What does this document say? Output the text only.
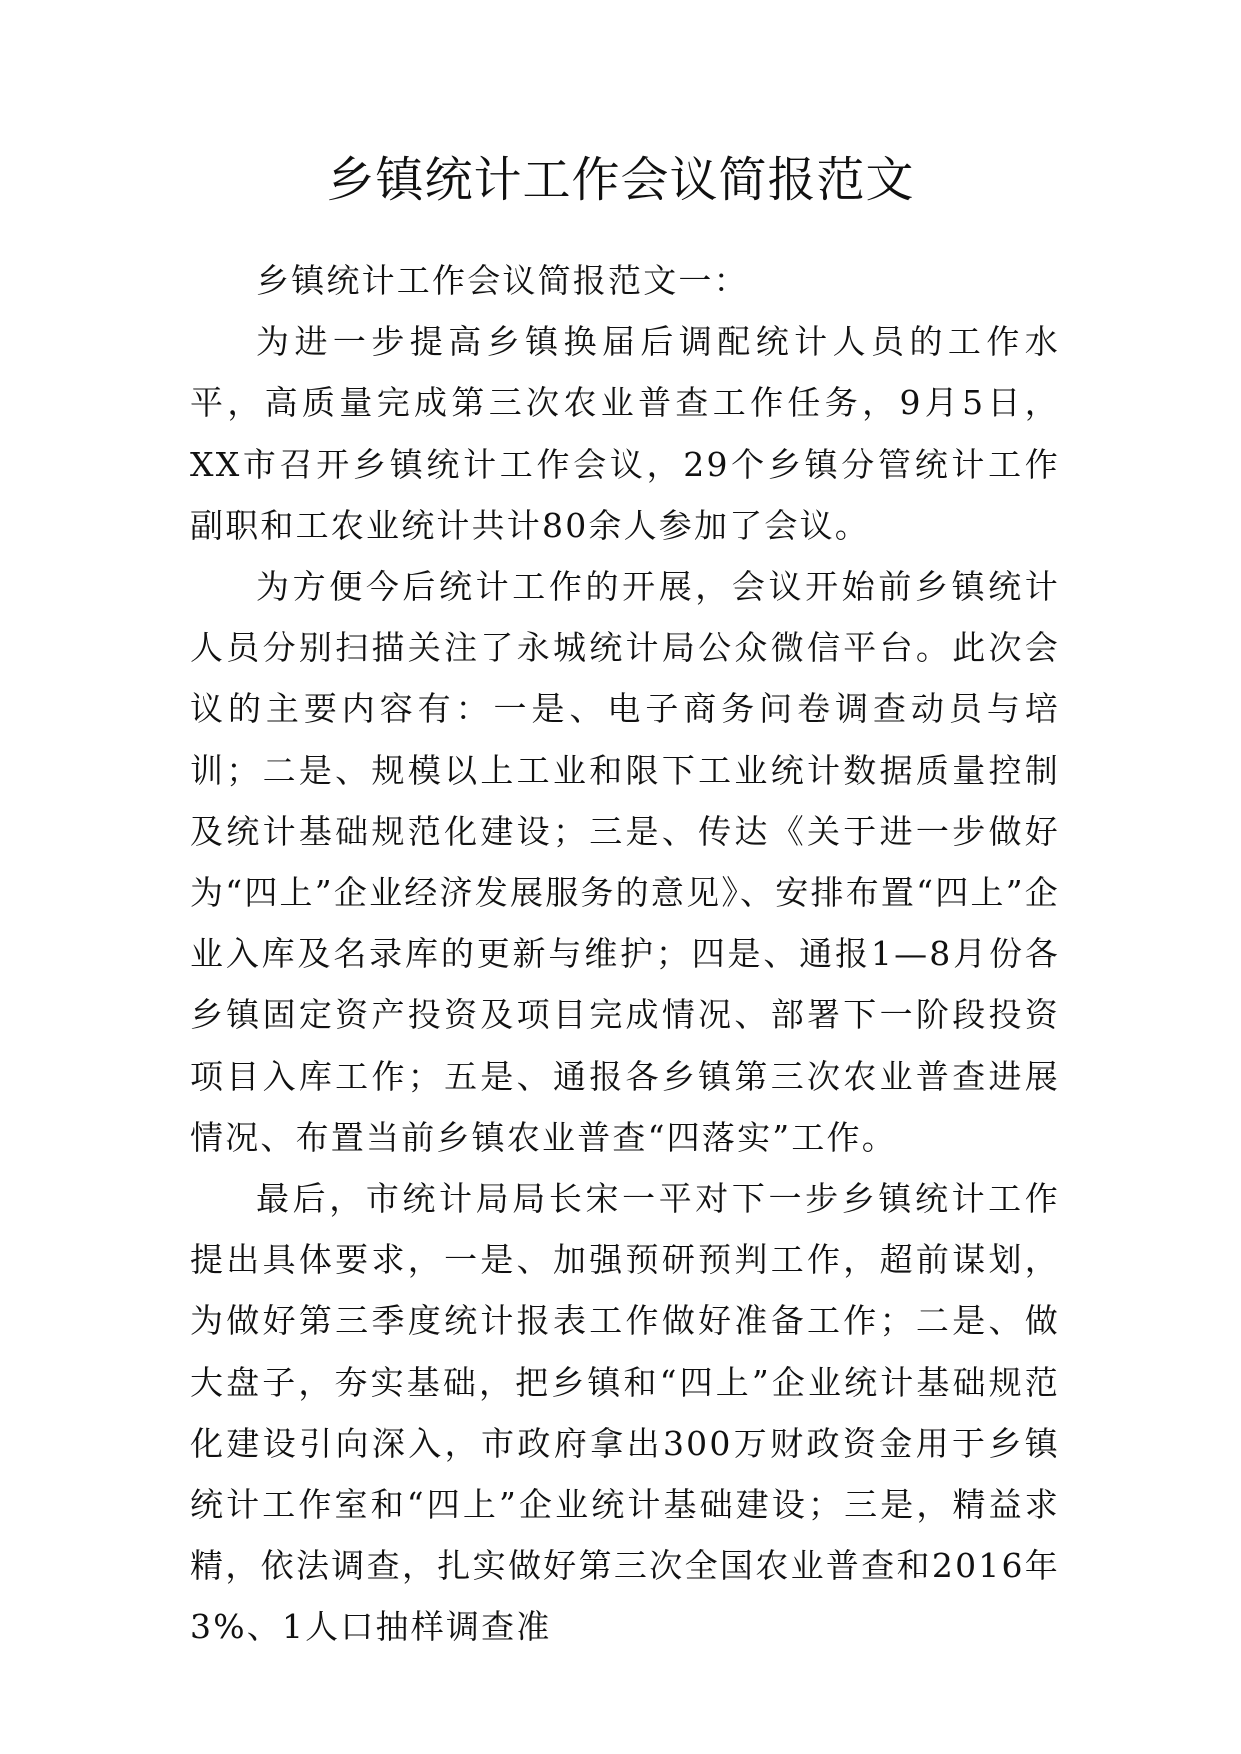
乡镇统计工作会议简报范文

乡镇统计工作会议简报范文一：

为进一步提高乡镇换届后调配统计人员的工作水平，高质量完成第三次农业普查工作任务，9月5日，XX市召开乡镇统计工作会议，29个乡镇分管统计工作副职和工农业统计共计80余人参加了会议。

为方便今后统计工作的开展，会议开始前乡镇统计人员分别扫描关注了永城统计局公众微信平台。此次会议的主要内容有：一是、电子商务问卷调查动员与培训；二是、规模以上工业和限下工业统计数据质量控制及统计基础规范化建设；三是、传达《关于进一步做好为“四上”企业经济发展服务的意见》、安排布置“四上”企业入库及名录库的更新与维护；四是、通报1—8月份各乡镇固定资产投资及项目完成情况、部署下一阶段投资项目入库工作；五是、通报各乡镇第三次农业普查进展情况、布置当前乡镇农业普查“四落实”工作。

最后，市统计局局长宋一平对下一步乡镇统计工作提出具体要求，一是、加强预研预判工作，超前谋划，为做好第三季度统计报表工作做好准备工作；二是、做大盘子，夯实基础，把乡镇和“四上”企业统计基础规范化建设引向深入，市政府拿出300万财政资金用于乡镇统计工作室和“四上”企业统计基础建设；三是，精益求精，依法调查，扎实做好第三次全国农业普查和2016年3%、1人口抽样调查准
